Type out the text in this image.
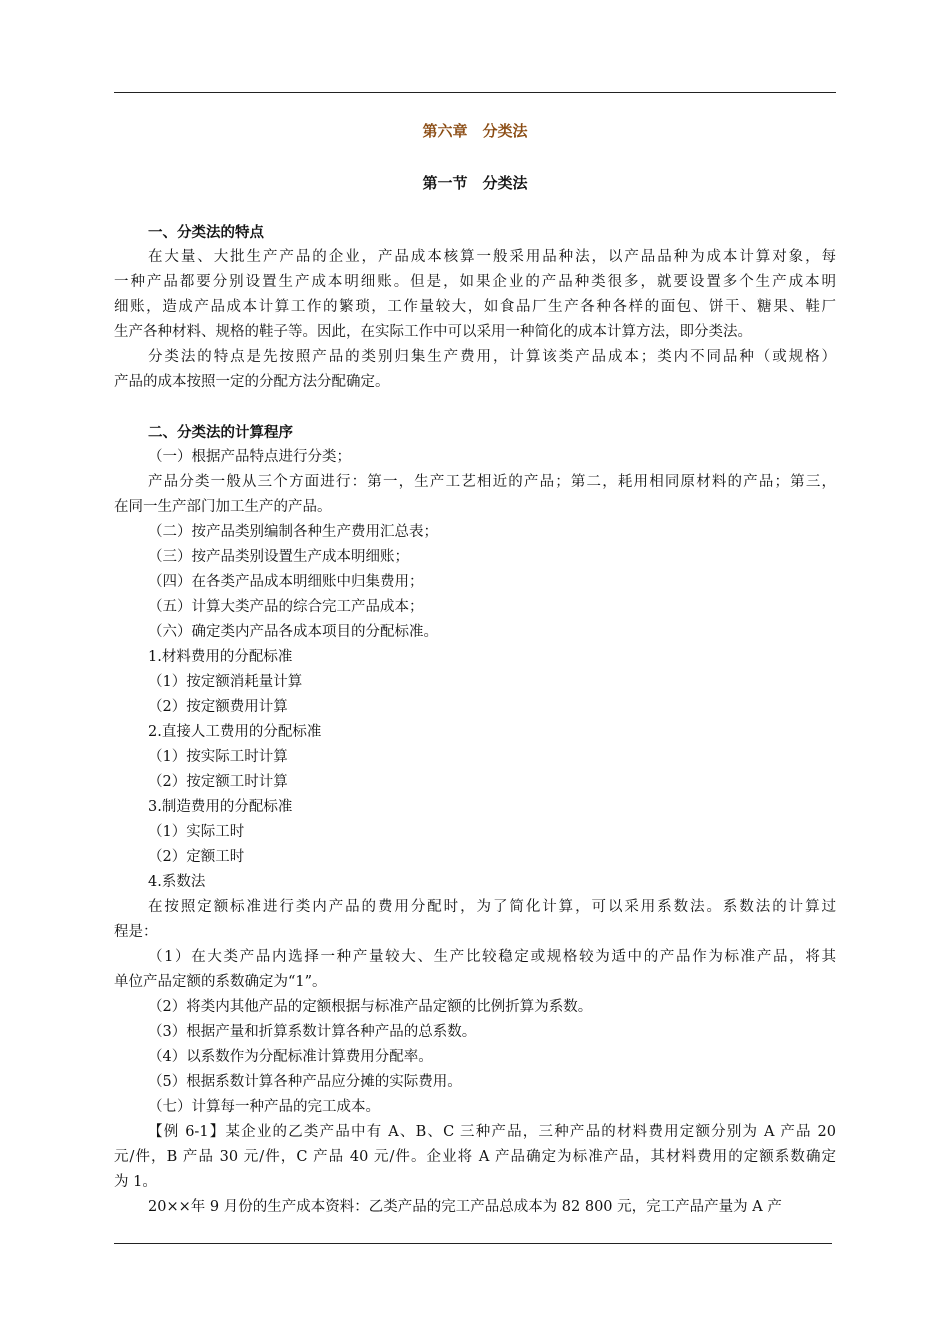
第六章　分类法
第一节　分类法
一、分类法的特点
在大量、大批生产产品的企业，产品成本核算一般采用品种法，以产品品种为成本计算对象，每
一种产品都要分别设置生产成本明细账。但是，如果企业的产品种类很多，就要设置多个生产成本明
细账，造成产品成本计算工作的繁琐，工作量较大，如食品厂生产各种各样的面包、饼干、糖果、鞋厂
生产各种材料、规格的鞋子等。因此，在实际工作中可以采用一种简化的成本计算方法，即分类法。
分类法的特点是先按照产品的类别归集生产费用，计算该类产品成本；类内不同品种（或规格）
产品的成本按照一定的分配方法分配确定。
二、分类法的计算程序
（一）根据产品特点进行分类；
产品分类一般从三个方面进行：第一，生产工艺相近的产品；第二，耗用相同原材料的产品；第三，
在同一生产部门加工生产的产品。
（二）按产品类别编制各种生产费用汇总表；
（三）按产品类别设置生产成本明细账；
（四）在各类产品成本明细账中归集费用；
（五）计算大类产品的综合完工产品成本；
（六）确定类内产品各成本项目的分配标准。
1.材料费用的分配标准
（1）按定额消耗量计算
（2）按定额费用计算
2.直接人工费用的分配标准
（1）按实际工时计算
（2）按定额工时计算
3.制造费用的分配标准
（1）实际工时
（2）定额工时
4.系数法
在按照定额标准进行类内产品的费用分配时，为了简化计算，可以采用系数法。系数法的计算过
程是：
（1）在大类产品内选择一种产量较大、生产比较稳定或规格较为适中的产品作为标准产品，将其
单位产品定额的系数确定为“1”。
（2）将类内其他产品的定额根据与标准产品定额的比例折算为系数。
（3）根据产量和折算系数计算各种产品的总系数。
（4）以系数作为分配标准计算费用分配率。
（5）根据系数计算各种产品应分摊的实际费用。
（七）计算每一种产品的完工成本。
【例 6-1】某企业的乙类产品中有 A、B、C 三种产品，三种产品的材料费用定额分别为 A 产品 20
元/件，B 产品 30 元/件，C 产品 40 元/件。企业将 A 产品确定为标准产品，其材料费用的定额系数确定
为 1。
20××年 9 月份的生产成本资料：乙类产品的完工产品总成本为 82 800 元，完工产品产量为 A 产
